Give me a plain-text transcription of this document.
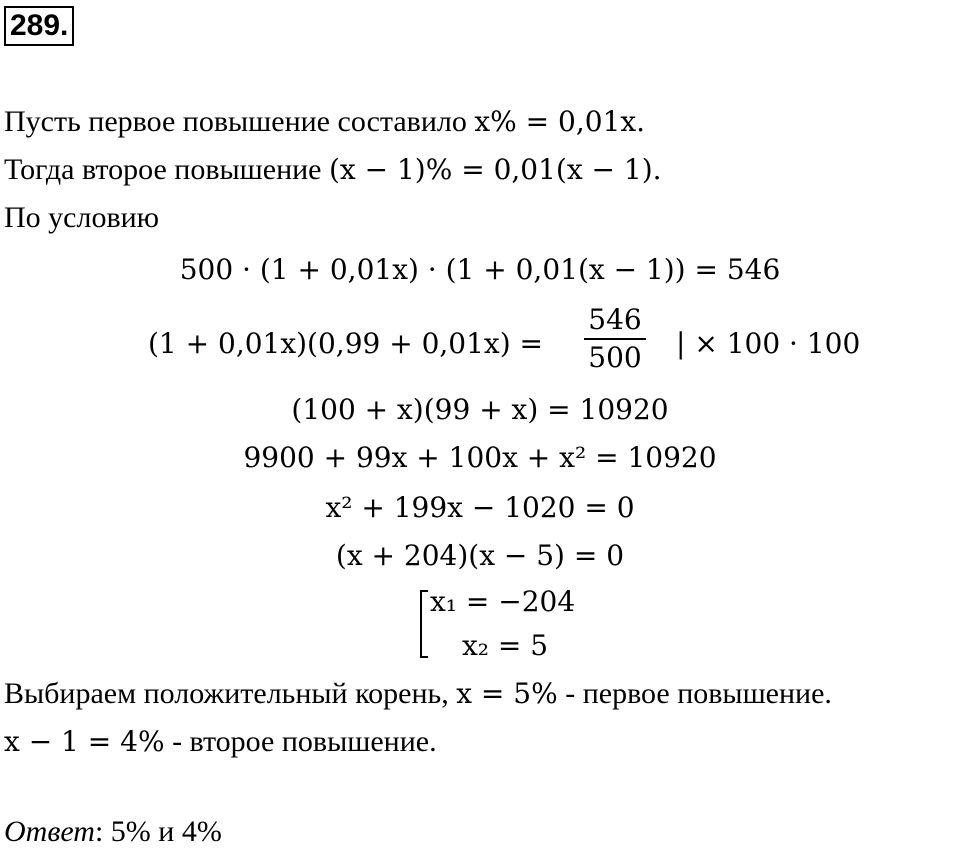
289.
Пусть первое повышение составило x% = 0,01x.
Тогда второе повышение (x − 1)% = 0,01(x − 1).
По условию
500 · (1 + 0,01x) · (1 + 0,01(x − 1)) = 546
(1 + 0,01x)(0,99 + 0,01x) =
546
500 | × 100 · 100
(100 + x)(99 + x) = 10920
9900 + 99x + 100x + x² = 10920
x² + 199x − 1020 = 0
(x + 204)(x − 5) = 0
x₁ = −204
x₂ = 5
Выбираем положительный корень, x = 5% - первое повышение.
x − 1 = 4% - второе повышение.
Ответ: 5% и 4%
